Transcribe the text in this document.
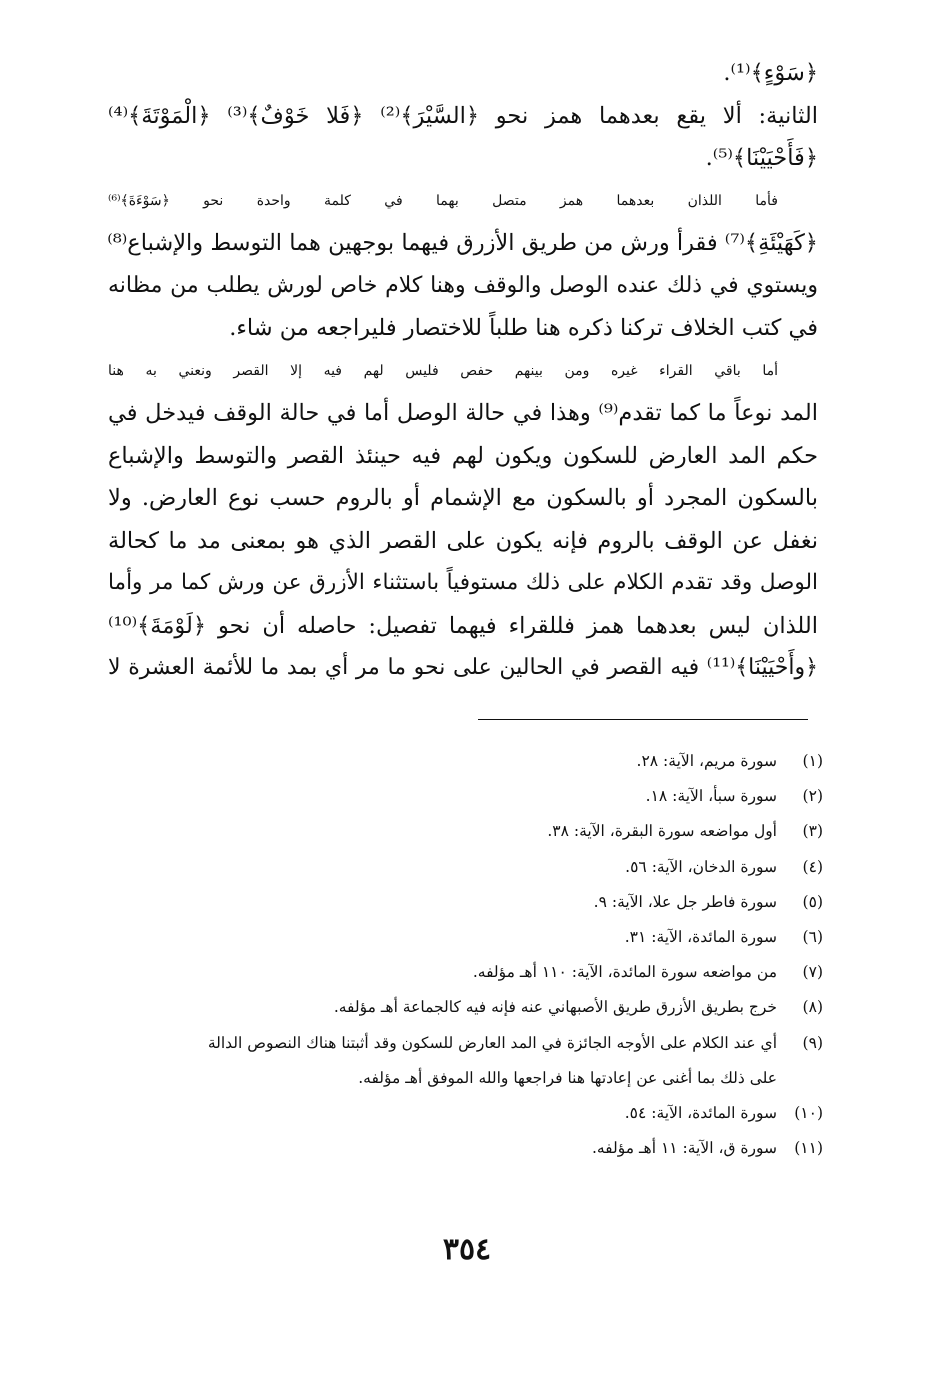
﴿سَوْءٍ﴾⁽¹⁾.
الثانية: ألا يقع بعدهما همز نحو ﴿السَّيْرَ﴾⁽²⁾ ﴿فَلا خَوْفٌ﴾⁽³⁾ ﴿الْمَوْتَةَ﴾⁽⁴⁾
﴿فَأَحْيَيْنَا﴾⁽⁵⁾.
فأما اللذان بعدهما همز متصل بهما في كلمة واحدة نحو ﴿سَوْءَةَ﴾⁽⁶⁾
﴿كَهَيْئَةِ﴾⁽⁷⁾ فقرأ ورش من طريق الأزرق فيهما بوجهين هما التوسط والإشباع⁽⁸⁾
ويستوي في ذلك عنده الوصل والوقف وهنا كلام خاص لورش يطلب من مظانه
في كتب الخلاف تركنا ذكره هنا طلباً للاختصار فليراجعه من شاء.
أما باقي القراء غيره ومن بينهم حفص فليس لهم فيه إلا القصر ونعني به هنا
المد نوعاً ما كما تقدم⁽⁹⁾ وهذا في حالة الوصل أما في حالة الوقف فيدخل في
حكم المد العارض للسكون ويكون لهم فيه حينئذ القصر والتوسط والإشباع
بالسكون المجرد أو بالسكون مع الإشمام أو بالروم حسب نوع العارض. ولا
نغفل عن الوقف بالروم فإنه يكون على القصر الذي هو بمعنى مد ما كحالة
الوصل وقد تقدم الكلام على ذلك مستوفياً باستثناء الأزرق عن ورش كما مر وأما
اللذان ليس بعدهما همز فللقراء فيهما تفصيل: حاصله أن نحو ﴿لَوْمَةَ﴾⁽¹⁰⁾
﴿وأَحْيَيْنَا﴾⁽¹¹⁾ فيه القصر في الحالين على نحو ما مر أي بمد ما للأئمة العشرة لا
(١)
سورة مريم، الآية: ٢٨.
(٢)
سورة سبأ، الآية: ١٨.
(٣)
أول مواضعه سورة البقرة، الآية: ٣٨.
(٤)
سورة الدخان، الآية: ٥٦.
(٥)
سورة فاطر جل علا، الآية: ٩.
(٦)
سورة المائدة، الآية: ٣١.
(٧)
من مواضعه سورة المائدة، الآية: ١١٠ أهـ مؤلفه.
(٨)
خرج بطريق الأزرق طريق الأصبهاني عنه فإنه فيه كالجماعة أهـ مؤلفه.
(٩)
أي عند الكلام على الأوجه الجائزة في المد العارض للسكون وقد أثبتنا هناك النصوص الدالة
على ذلك بما أغنى عن إعادتها هنا فراجعها والله الموفق أهـ مؤلفه.
(١٠)
سورة المائدة، الآية: ٥٤.
(١١)
سورة ق، الآية: ١١ أهـ مؤلفه.
٣٥٤
